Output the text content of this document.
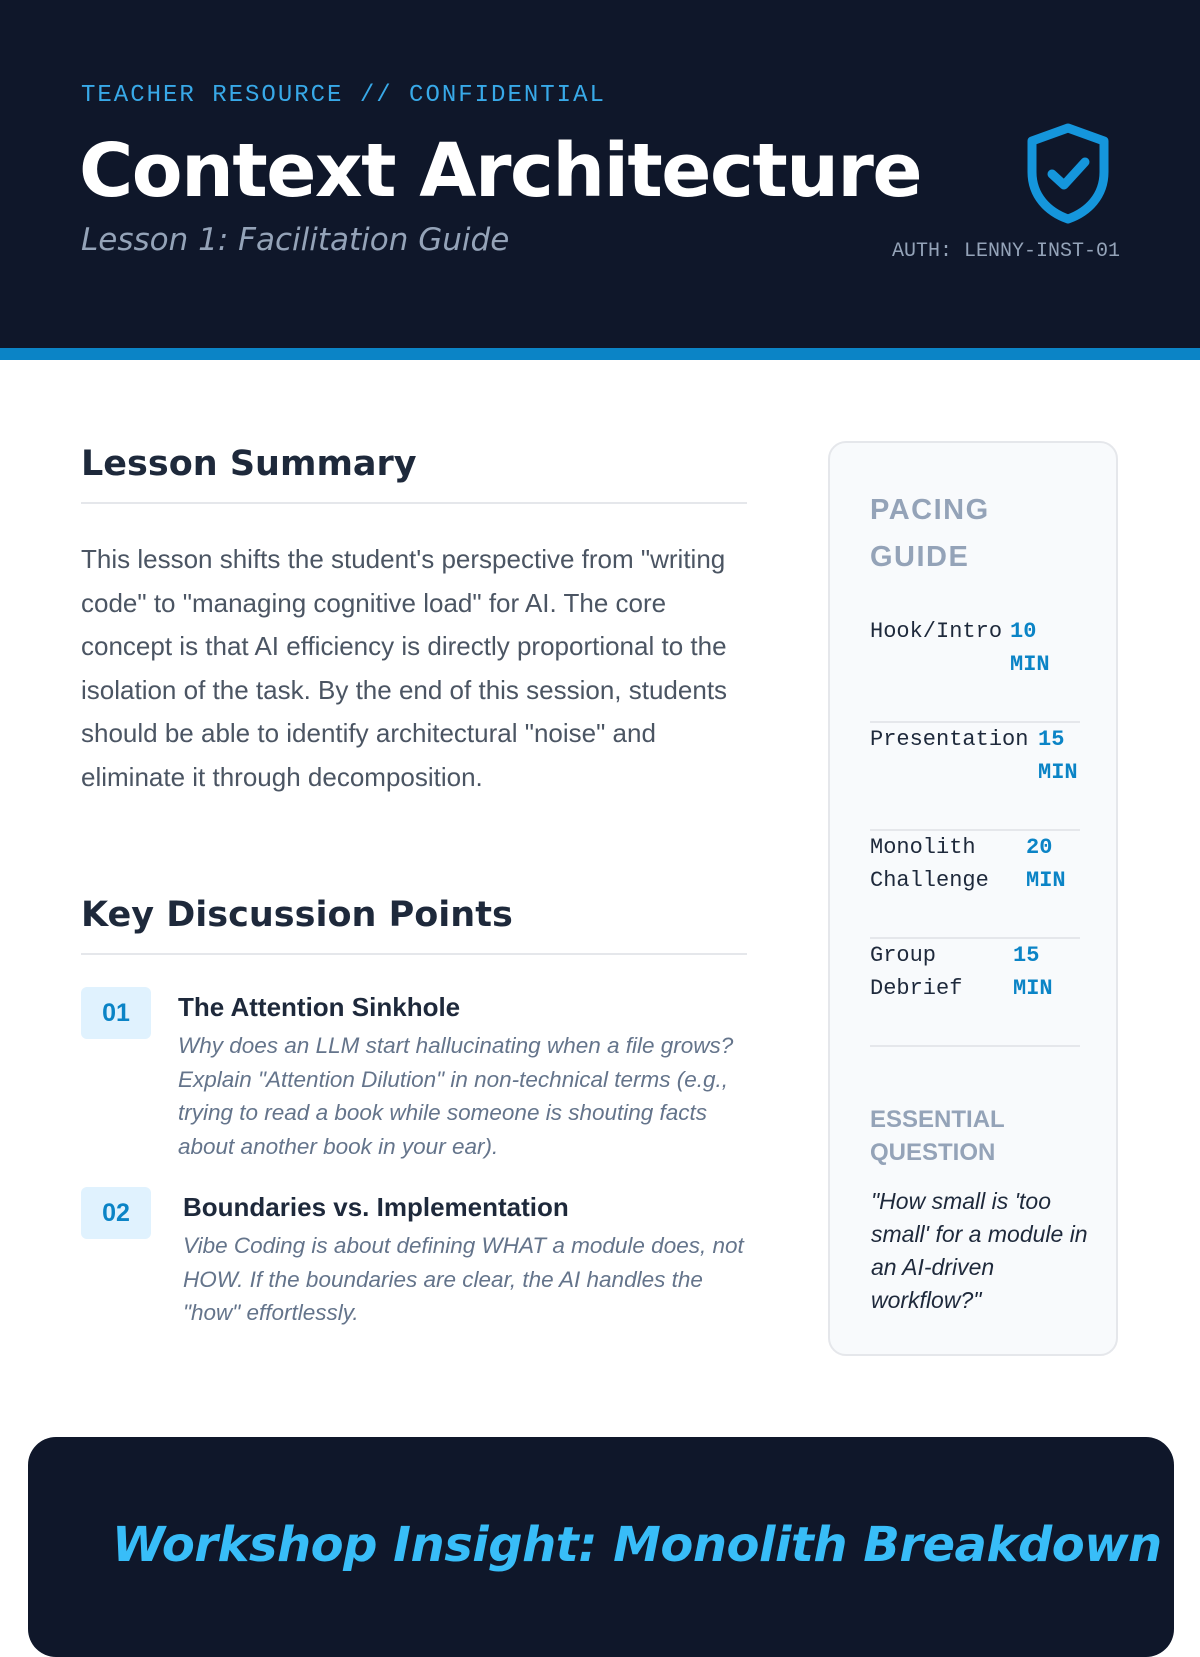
TEACHER RESOURCE // CONFIDENTIAL
Context Architecture
Lesson 1: Facilitation Guide	AUTH: LENNY-INST-01
Lesson Summary

This lesson shifts the student's perspective from "writing code" to "managing cognitive load" for AI. The core concept is that AI efficiency is directly proportional to the isolation of the task. By the end of this session, students should be able to identify architectural "noise" and eliminate it through decomposition.

Key Discussion Points
01	The Attention Sinkhole

Why does an LLM start hallucinating when a file grows? Explain "Attention Dilution" in non-technical terms (e.g., trying to read a book while someone is shouting facts about another book in your ear).

02	Boundaries vs. Implementation

Vibe Coding is about defining WHAT a module does, not HOW. If the boundaries are clear, the AI handles the "how" effortlessly.

PACING GUIDE
Hook/Intro 10 MIN
Presentation 15 MIN
Monolith Challenge
20 MIN
Group Debrief
15 MIN
ESSENTIAL QUESTION

"How small is 'too small' for a module in an AI-driven workflow?"

Workshop Insight: Monolith Breakdown
